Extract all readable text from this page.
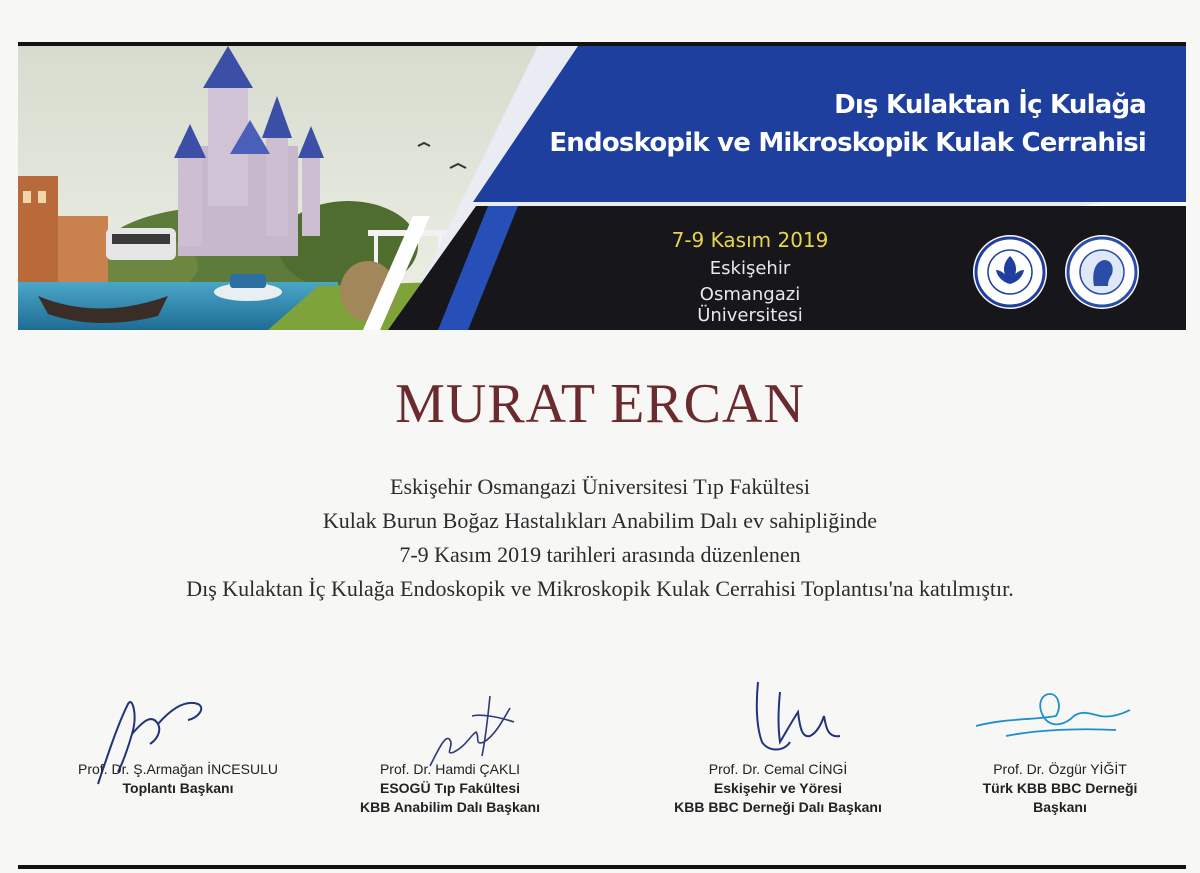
Dış Kulaktan İç Kulağa
Endoskopik ve Mikroskopik Kulak Cerrahisi
7-9 Kasım 2019
Eskişehir
Osmangazi Üniversitesi
MURAT ERCAN
Eskişehir Osmangazi Üniversitesi Tıp Fakültesi
Kulak Burun Boğaz Hastalıkları Anabilim Dalı ev sahipliğinde
7-9 Kasım 2019 tarihleri arasında düzenlenen
Dış Kulaktan İç Kulağa Endoskopik ve Mikroskopik Kulak Cerrahisi Toplantısı'na katılmıştır.
Prof. Dr. Ş.Armağan İNCESULU
Toplantı Başkanı
Prof. Dr. Hamdi ÇAKLI
ESOGÜ Tıp Fakültesi
KBB Anabilim Dalı Başkanı
Prof. Dr. Cemal CİNGİ
Eskişehir ve Yöresi
KBB BBC Derneği Dalı Başkanı
Prof. Dr. Özgür YİĞİT
Türk KBB BBC Derneği
Başkanı
